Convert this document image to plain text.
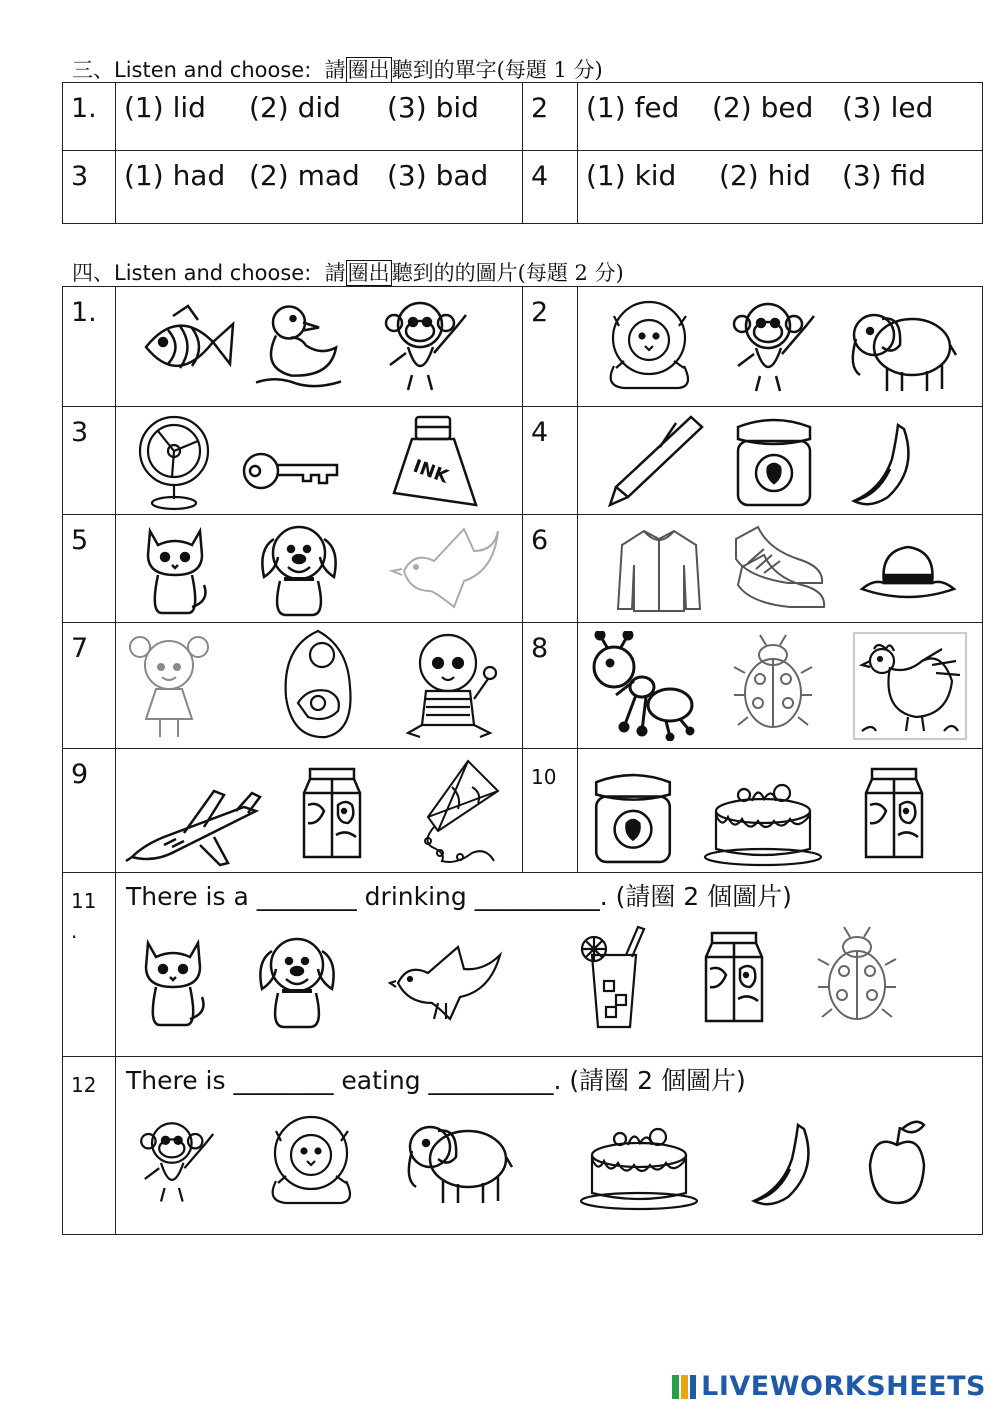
三、Listen and choose: 請圈出聽到的單字(每題 1 分)
1.	(1) lid (2) did (3) bid	2	(1) fed (2) bed (3) led

3	(1) had (2) mad (3) bad	4	(1) kid (2) hid (3) fid
四、Listen and choose: 請圈出聽到的的圖片(每題 2 分)
1.		2	

3	INK	4	

5		6	

7		8	

9		10	

11
.	There is a ________ drinking __________. (請圈 2 個圖片)		

12	There is ________ eating __________. (請圈 2 個圖片)		
LIVEWORKSHEETS
